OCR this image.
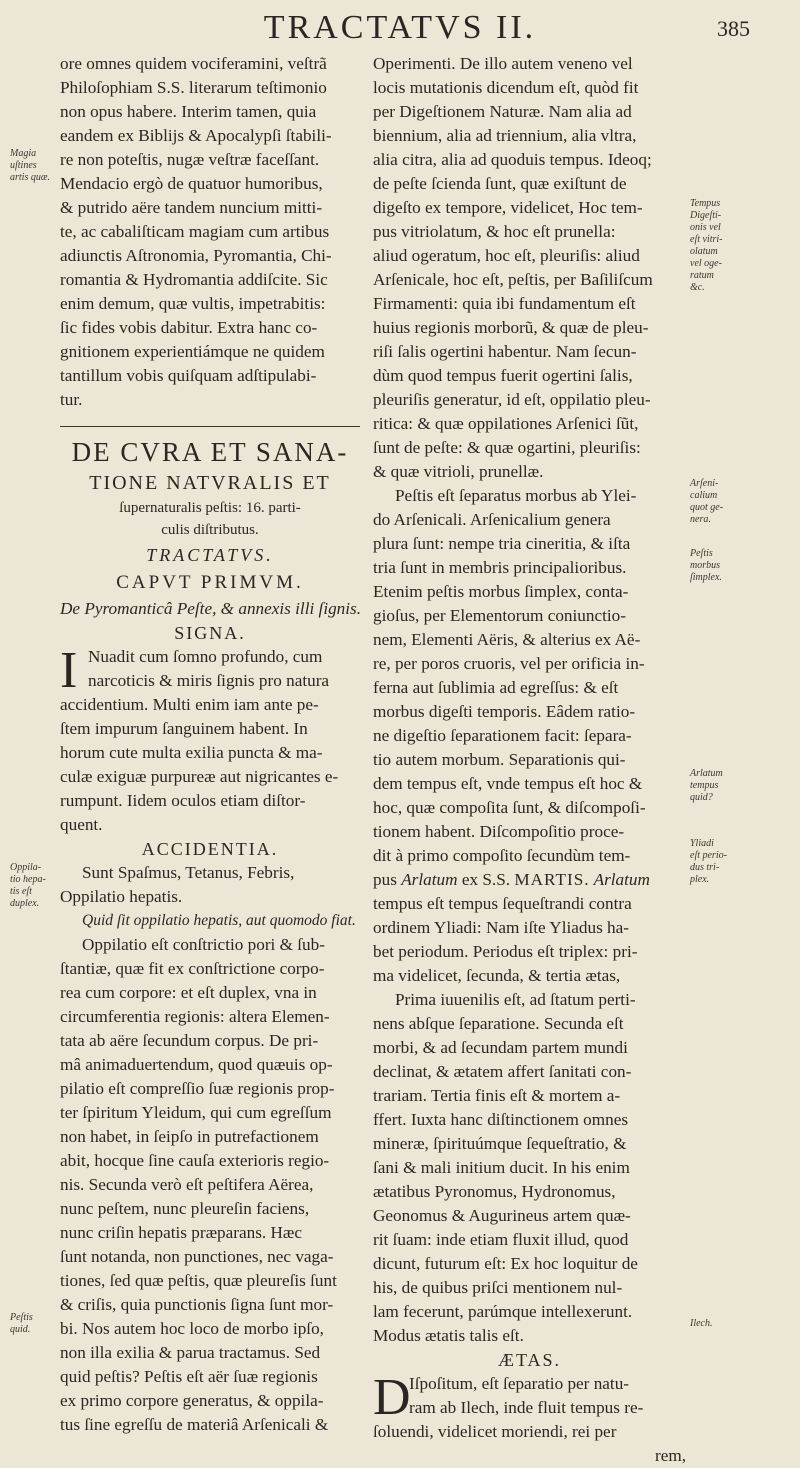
TRACTATVS II.	385
ore omnes quidem vociferamini, veſtrã
Philoſophiam S.S. literarum teſtimonio
non opus habere. Interim tamen, quia
eandem ex Biblijs & Apocalypſi ſtabili-
re non poteſtis, nugæ veſtræ faceſſant.
Mendacio ergò de quatuor humoribus,
& putrido aëre tandem nuncium mitti-
te, ac cabaliſticam magiam cum artibus
adiunctis Aſtronomia, Pyromantia, Chi-
romantia & Hydromantia addiſcite. Sic
enim demum, quæ vultis, impetrabitis:
ſic fides vobis dabitur. Extra hanc co-
gnitionem experientiámque ne quidem
tantillum vobis quiſquam adſtipulabi-
tur.
DE CVRA ET SANA-
TIONE NATVRALIS ET
ſupernaturalis peſtis: 16. parti-
culis diſtributus.
TRACTATVS.
CAPVT PRIMVM.
De Pyromanticâ Peſte, & annexis illi ſignis.
SIGNA.
I Nuadit cum ſomno profundo, cum
narcoticis & miris ſignis pro natura
accidentium. Multi enim iam ante pe-
ſtem impurum ſanguinem habent. In
horum cute multa exilia puncta & ma-
culæ exiguæ purpureæ aut nigricantes e-
rumpunt. Iidem oculos etiam diſtor-
quent.
ACCIDENTIA.
Sunt Spaſmus, Tetanus, Febris,
Oppilatio hepatis.
Quid ſit oppilatio hepatis, aut quomodo fiat.
Oppilatio eſt conſtrictio pori & ſub-
ſtantiæ, quæ fit ex conſtrictione corpo-
rea cum corpore: et eſt duplex, vna in
circumferentia regionis: altera Elemen-
tata ab aëre ſecundum corpus. De pri-
mâ animaduertendum, quod quæuis op-
pilatio eſt compreſſio ſuæ regionis prop-
ter ſpiritum Yleidum, qui cum egreſſum
non habet, in ſeipſo in putrefactionem
abit, hocque ſine cauſa exterioris regio-
nis. Secunda verò eſt peſtifera Aërea,
nunc peſtem, nunc pleureſin faciens,
nunc criſin hepatis præparans. Hæc
ſunt notanda, non punctiones, nec vaga-
tiones, ſed quæ peſtis, quæ pleureſis ſunt
& criſis, quia punctionis ſigna ſunt mor-
bi. Nos autem hoc loco de morbo ipſo,
non illa exilia & parua tractamus. Sed
quid peſtis? Peſtis eſt aër ſuæ regionis
ex primo corpore generatus, & oppila-
tus ſine egreſſu de materiâ Arſenicali &
Operimenti. De illo autem veneno vel
locis mutationis dicendum eſt, quòd fit
per Digeſtionem Naturæ. Nam alia ad
biennium, alia ad triennium, alia vltra,
alia citra, alia ad quoduis tempus. Ideoq;
de peſte ſcienda ſunt, quæ exiſtunt de
digeſto ex tempore, videlicet, Hoc tem-
pus vitriolatum, & hoc eſt prunella:
aliud ogeratum, hoc eſt, pleuriſis: aliud
Arſenicale, hoc eſt, peſtis, per Baſiliſcum
Firmamenti: quia ibi fundamentum eſt
huius regionis morborũ, & quæ de pleu-
riſi ſalis ogertini habentur. Nam ſecun-
dùm quod tempus fuerit ogertini ſalis,
pleuriſis generatur, id eſt, oppilatio pleu-
ritica: & quæ oppilationes Arſenici ſũt,
ſunt de peſte: & quæ ogartini, pleuriſis:
& quæ vitrioli, prunellæ.
Peſtis eſt ſeparatus morbus ab Ylei-
do Arſenicali. Arſenicalium genera
plura ſunt: nempe tria cineritia, & iſta
tria ſunt in membris principalioribus.
Etenim peſtis morbus ſimplex, conta-
gioſus, per Elementorum coniunctio-
nem, Elementi Aëris, & alterius ex Aë-
re, per poros cruoris, vel per orificia in-
ferna aut ſublimia ad egreſſus: & eſt
morbus digeſti temporis. Eâdem ratio-
ne digeſtio ſeparationem facit: ſepara-
tio autem morbum. Separationis qui-
dem tempus eſt, vnde tempus eſt hoc &
hoc, quæ compoſita ſunt, & diſcompoſi-
tionem habent. Diſcompoſitio proce-
dit à primo compoſito ſecundùm tem-
pus Arlatum ex S.S. MARTIS. Arlatum
tempus eſt tempus ſequeſtrandi contra
ordinem Yliadi: Nam iſte Yliadus ha-
bet periodum. Periodus eſt triplex: pri-
ma videlicet, ſecunda, & tertia ætas,
Prima iuuenilis eſt, ad ſtatum perti-
nens abſque ſeparatione. Secunda eſt
morbi, & ad ſecundam partem mundi
declinat, & ætatem affert ſanitati con-
trariam. Tertia finis eſt & mortem a-
ffert. Iuxta hanc diſtinctionem omnes
mineræ, ſpirituúmque ſequeſtratio, &
ſani & mali initium ducit. In his enim
ætatibus Pyronomus, Hydronomus,
Geonomus & Augurineus artem quæ-
rit ſuam: inde etiam fluxit illud, quod
dicunt, futurum eſt: Ex hoc loquitur de
his, de quibus priſci mentionem nul-
lam fecerunt, parúmque intellexerunt.
Modus ætatis talis eſt.
ÆTAS.
D
Iſpoſitum, eſt ſeparatio per natu-
ram ab Ilech, inde fluit tempus re-
ſoluendi, videlicet moriendi, rei per
rem,
Magia
uſtines
artis quæ.
Oppila-
tio hepa-
tis eſt
duplex.
Peſtis
quid.
Tempus
Digeſti-
onis vel
eſt vitri-
olatum
vel oge-
ratum
&c.
Arſeni-
calium
quot ge-
nera.
Peſtis
morbus
ſimplex.
Arlatum
tempus
quid?
Yliadi
eſt perio-
dus tri-
plex.
Ilech.
